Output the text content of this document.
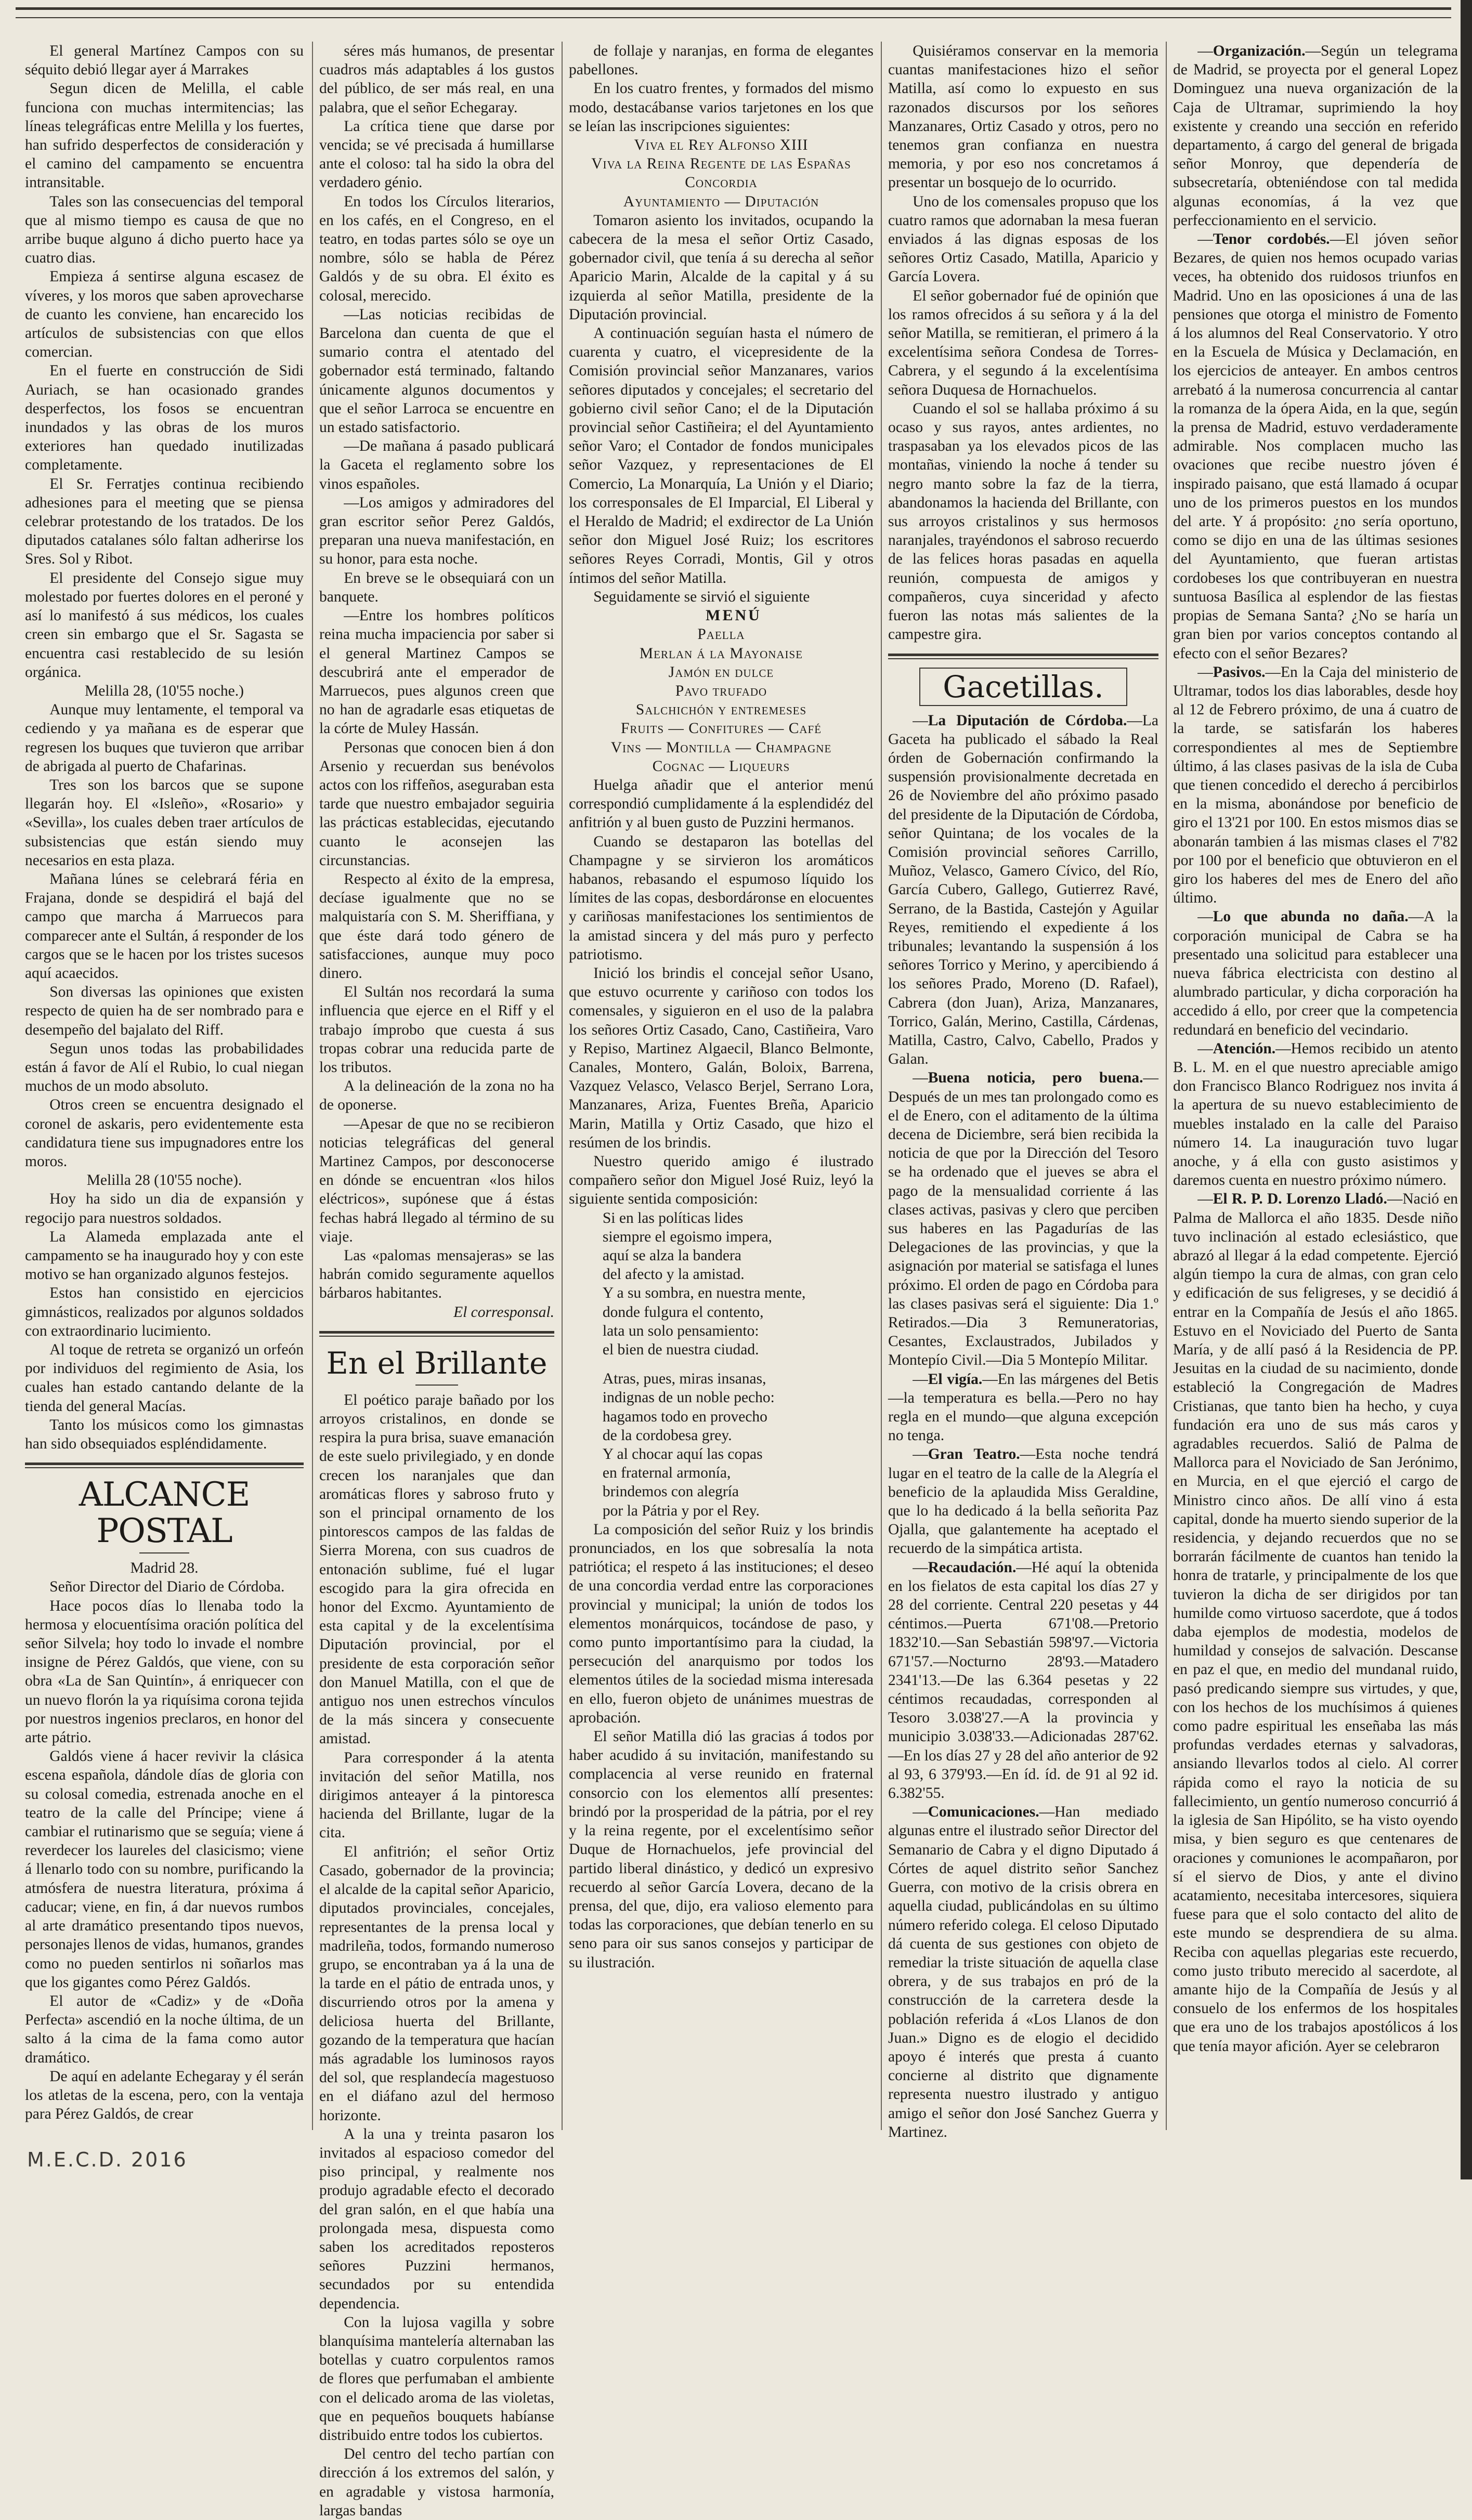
El general Martínez Campos con su séquito debió llegar ayer á Marrakes

Segun dicen de Melilla, el cable funciona con muchas intermitencias; las líneas telegráficas entre Melilla y los fuertes, han sufrido desperfectos de consideración y el camino del campamento se encuentra intransitable.

Tales son las consecuencias del temporal que al mismo tiempo es causa de que no arribe buque alguno á dicho puerto hace ya cuatro dias.

Empieza á sentirse alguna escasez de víveres, y los moros que saben aprovecharse de cuanto les conviene, han encarecido los artículos de subsistencias con que ellos comercian.

En el fuerte en construcción de Sidi Auriach, se han ocasionado grandes desperfectos, los fosos se encuentran inundados y las obras de los muros exteriores han quedado inutilizadas completamente.

El Sr. Ferratjes continua recibiendo adhesiones para el meeting que se piensa celebrar protestando de los tratados. De los diputados catalanes sólo faltan adherirse los Sres. Sol y Ribot.

El presidente del Consejo sigue muy molestado por fuertes dolores en el peroné y así lo manifestó á sus médicos, los cuales creen sin embargo que el Sr. Sagasta se encuentra casi restablecido de su lesión orgánica.

Melilla 28, (10'55 noche.)

Aunque muy lentamente, el temporal va cediendo y ya mañana es de esperar que regresen los buques que tuvieron que arribar de abrigada al puerto de Chafarinas.

Tres son los barcos que se supone llegarán hoy. El «Isleño», «Rosario» y «Sevilla», los cuales deben traer artículos de subsistencias que están siendo muy necesarios en esta plaza.

Mañana lúnes se celebrará féria en Frajana, donde se despidirá el bajá del campo que marcha á Marruecos para comparecer ante el Sultán, á responder de los cargos que se le hacen por los tristes sucesos aquí acaecidos.

Son diversas las opiniones que existen respecto de quien ha de ser nombrado para e desempeño del bajalato del Riff.

Segun unos todas las probabilidades están á favor de Alí el Rubio, lo cual niegan muchos de un modo absoluto.

Otros creen se encuentra designado el coronel de askaris, pero evidentemente esta candidatura tiene sus impugnadores entre los moros.

Melilla 28 (10'55 noche).

Hoy ha sido un dia de expansión y regocijo para nuestros soldados.

La Alameda emplazada ante el campamento se ha inaugurado hoy y con este motivo se han organizado algunos festejos.

Estos han consistido en ejercicios gimnásticos, realizados por algunos soldados con extraordinario lucimiento.

Al toque de retreta se organizó un orfeón por individuos del regimiento de Asia, los cuales han estado cantando delante de la tienda del general Macías.

Tanto los músicos como los gimnastas han sido obsequiados espléndidamente.

ALCANCE POSTAL

Madrid 28.

Señor Director del Diario de Córdoba.

Hace pocos días lo llenaba todo la hermosa y elocuentísima oración política del señor Silvela; hoy todo lo invade el nombre insigne de Pérez Galdós, que viene, con su obra «La de San Quintín», á enriquecer con un nuevo florón la ya riquísima corona tejida por nuestros ingenios preclaros, en honor del arte pátrio.

Galdós viene á hacer revivir la clásica escena española, dándole días de gloria con su colosal comedia, estrenada anoche en el teatro de la calle del Príncipe; viene á cambiar el rutinarismo que se seguía; viene á reverdecer los laureles del clasicismo; viene á llenarlo todo con su nombre, purificando la atmósfera de nuestra literatura, próxima á caducar; viene, en fin, á dar nuevos rumbos al arte dramático presentando tipos nuevos, personajes llenos de vidas, humanos, grandes como no pueden sentirlos ni soñarlos mas que los gigantes como Pérez Galdós.

El autor de «Cadiz» y de «Doña Perfecta» ascendió en la noche última, de un salto á la cima de la fama como autor dramático.

De aquí en adelante Echegaray y él serán los atletas de la escena, pero, con la ventaja para Pérez Galdós, de crear

séres más humanos, de presentar cuadros más adaptables á los gustos del público, de ser más real, en una palabra, que el señor Echegaray.

La crítica tiene que darse por vencida; se vé precisada á humillarse ante el coloso: tal ha sido la obra del verdadero génio.

En todos los Círculos literarios, en los cafés, en el Congreso, en el teatro, en todas partes sólo se oye un nombre, sólo se habla de Pérez Galdós y de su obra. El éxito es colosal, merecido.

—Las noticias recibidas de Barcelona dan cuenta de que el sumario contra el atentado del gobernador está terminado, faltando únicamente algunos documentos y que el señor Larroca se encuentre en un estado satisfactorio.

—De mañana á pasado publicará la Gaceta el reglamento sobre los vinos españoles.

—Los amigos y admiradores del gran escritor señor Perez Galdós, preparan una nueva manifestación, en su honor, para esta noche.

En breve se le obsequiará con un banquete.

—Entre los hombres políticos reina mucha impaciencia por saber si el general Martinez Campos se descubrirá ante el emperador de Marruecos, pues algunos creen que no han de agradarle esas etiquetas de la córte de Muley Hassán.

Personas que conocen bien á don Arsenio y recuerdan sus benévolos actos con los riffeños, aseguraban esta tarde que nuestro embajador seguiria las prácticas establecidas, ejecutando cuanto le aconsejen las circunstancias.

Respecto al éxito de la empresa, decíase igualmente que no se malquistaría con S. M. Sheriffiana, y que éste dará todo género de satisfacciones, aunque muy poco dinero.

El Sultán nos recordará la suma influencia que ejerce en el Riff y el trabajo ímprobo que cuesta á sus tropas cobrar una reducida parte de los tributos.

A la delineación de la zona no ha de oponerse.

—Apesar de que no se recibieron noticias telegráficas del general Martinez Campos, por desconocerse en dónde se encuentran «los hilos eléctricos», supónese que á éstas fechas habrá llegado al término de su viaje.

Las «palomas mensajeras» se las habrán comido seguramente aquellos bárbaros habitantes.

El corresponsal.

En el Brillante

El poético paraje bañado por los arroyos cristalinos, en donde se respira la pura brisa, suave emanación de este suelo privilegiado, y en donde crecen los naranjales que dan aromáticas flores y sabroso fruto y son el principal ornamento de los pintorescos campos de las faldas de Sierra Morena, con sus cuadros de entonación sublime, fué el lugar escogido para la gira ofrecida en honor del Excmo. Ayuntamiento de esta capital y de la excelentísima Diputación provincial, por el presidente de esta corporación señor don Manuel Matilla, con el que de antiguo nos unen estrechos vínculos de la más sincera y consecuente amistad.

Para corresponder á la atenta invitación del señor Matilla, nos dirigimos anteayer á la pintoresca hacienda del Brillante, lugar de la cita.

El anfitrión; el señor Ortiz Casado, gobernador de la provincia; el alcalde de la capital señor Aparicio, diputados provinciales, concejales, representantes de la prensa local y madrileña, todos, formando numeroso grupo, se encontraban ya á la una de la tarde en el pátio de entrada unos, y discurriendo otros por la amena y deliciosa huerta del Brillante, gozando de la temperatura que hacían más agradable los luminosos rayos del sol, que resplandecía magestuoso en el diáfano azul del hermoso horizonte.

A la una y treinta pasaron los invitados al espacioso comedor del piso principal, y realmente nos produjo agradable efecto el decorado del gran salón, en el que había una prolongada mesa, dispuesta como saben los acreditados reposteros señores Puzzini hermanos, secundados por su entendida dependencia.

Con la lujosa vagilla y sobre blanquísima mantelería alternaban las botellas y cuatro corpulentos ramos de flores que perfumaban el ambiente con el delicado aroma de las violetas, que en pequeños bouquets habíanse distribuido entre todos los cubiertos.

Del centro del techo partían con dirección á los extremos del salón, y en agradable y vistosa harmonía, largas bandas

de follaje y naranjas, en forma de elegantes pabellones.

En los cuatro frentes, y formados del mismo modo, destacábanse varios tarjetones en los que se leían las inscripciones siguientes:

Viva el Rey Alfonso XIII

Viva la Reina Regente de las Españas

Concordia

Ayuntamiento — Diputación

Tomaron asiento los invitados, ocupando la cabecera de la mesa el señor Ortiz Casado, gobernador civil, que tenía á su derecha al señor Aparicio Marin, Alcalde de la capital y á su izquierda al señor Matilla, presidente de la Diputación provincial.

A continuación seguían hasta el número de cuarenta y cuatro, el vicepresidente de la Comisión provincial señor Manzanares, varios señores diputados y concejales; el secretario del gobierno civil señor Cano; el de la Diputación provincial señor Castiñeira; el del Ayuntamiento señor Varo; el Contador de fondos municipales señor Vazquez, y representaciones de El Comercio, La Monarquía, La Unión y el Diario; los corresponsales de El Imparcial, El Liberal y el Heraldo de Madrid; el exdirector de La Unión señor don Miguel José Ruiz; los escritores señores Reyes Corradi, Montis, Gil y otros íntimos del señor Matilla.

Seguidamente se sirvió el siguiente

MENÚ

Paella

Merlan á la Mayonaise

Jamón en dulce

Pavo trufado

Salchichón y entremeses

Fruits — Confitures — Café

Vins — Montilla — Champagne

Cognac — Liqueurs

Huelga añadir que el anterior menú correspondió cumplidamente á la esplendidéz del anfitrión y al buen gusto de Puzzini hermanos.

Cuando se destaparon las botellas del Champagne y se sirvieron los aromáticos habanos, rebasando el espumoso líquido los límites de las copas, desbordáronse en elocuentes y cariñosas manifestaciones los sentimientos de la amistad sincera y del más puro y perfecto patriotismo.

Inició los brindis el concejal señor Usano, que estuvo ocurrente y cariñoso con todos los comensales, y siguieron en el uso de la palabra los señores Ortiz Casado, Cano, Castiñeira, Varo y Repiso, Martinez Algaecil, Blanco Belmonte, Canales, Montero, Galán, Boloix, Barrena, Vazquez Velasco, Velasco Berjel, Serrano Lora, Manzanares, Ariza, Fuentes Breña, Aparicio Marin, Matilla y Ortiz Casado, que hizo el resúmen de los brindis.

Nuestro querido amigo é ilustrado compañero señor don Miguel José Ruiz, leyó la siguiente sentida composición:

Si en las políticas lides

siempre el egoismo impera,

aquí se alza la bandera

del afecto y la amistad.

Y a su sombra, en nuestra mente,

donde fulgura el contento,

lata un solo pensamiento:

el bien de nuestra ciudad.

Atras, pues, miras insanas,

indignas de un noble pecho:

hagamos todo en provecho

de la cordobesa grey.

Y al chocar aquí las copas

en fraternal armonía,

brindemos con alegría

por la Pátria y por el Rey.

La composición del señor Ruiz y los brindis pronunciados, en los que sobresalía la nota patriótica; el respeto á las instituciones; el deseo de una concordia verdad entre las corporaciones provincial y municipal; la unión de todos los elementos monárquicos, tocándose de paso, y como punto importantísimo para la ciudad, la persecución del anarquismo por todos los elementos útiles de la sociedad misma interesada en ello, fueron objeto de unánimes muestras de aprobación.

El señor Matilla dió las gracias á todos por haber acudido á su invitación, manifestando su complacencia al verse reunido en fraternal consorcio con los elementos allí presentes: brindó por la prosperidad de la pátria, por el rey y la reina regente, por el excelentísimo señor Duque de Hornachuelos, jefe provincial del partido liberal dinástico, y dedicó un expresivo recuerdo al señor García Lovera, decano de la prensa, del que, dijo, era valioso elemento para todas las corporaciones, que debían tenerlo en su seno para oir sus sanos consejos y participar de su ilustración.

Quisiéramos conservar en la memoria cuantas manifestaciones hizo el señor Matilla, así como lo expuesto en sus razonados discursos por los señores Manzanares, Ortiz Casado y otros, pero no tenemos gran confianza en nuestra memoria, y por eso nos concretamos á presentar un bosquejo de lo ocurrido.

Uno de los comensales propuso que los cuatro ramos que adornaban la mesa fueran enviados á las dignas esposas de los señores Ortiz Casado, Matilla, Aparicio y García Lovera.

El señor gobernador fué de opinión que los ramos ofrecidos á su señora y á la del señor Matilla, se remitieran, el primero á la excelentísima señora Condesa de Torres-Cabrera, y el segundo á la excelentísima señora Duquesa de Hornachuelos.

Cuando el sol se hallaba próximo á su ocaso y sus rayos, antes ardientes, no traspasaban ya los elevados picos de las montañas, viniendo la noche á tender su negro manto sobre la faz de la tierra, abandonamos la hacienda del Brillante, con sus arroyos cristalinos y sus hermosos naranjales, trayéndonos el sabroso recuerdo de las felices horas pasadas en aquella reunión, compuesta de amigos y compañeros, cuya sinceridad y afecto fueron las notas más salientes de la campestre gira.

Gacetillas.

—La Diputación de Córdoba.—La Gaceta ha publicado el sábado la Real órden de Gobernación confirmando la suspensión provisionalmente decretada en 26 de Noviembre del año próximo pasado del presidente de la Diputación de Córdoba, señor Quintana; de los vocales de la Comisión provincial señores Carrillo, Muñoz, Velasco, Gamero Cívico, del Río, García Cubero, Gallego, Gutierrez Ravé, Serrano, de la Bastida, Castejón y Aguilar Reyes, remitiendo el expediente á los tribunales; levantando la suspensión á los señores Torrico y Merino, y apercibiendo á los señores Prado, Moreno (D. Rafael), Cabrera (don Juan), Ariza, Manzanares, Torrico, Galán, Merino, Castilla, Cárdenas, Matilla, Castro, Calvo, Cabello, Prados y Galan.

—Buena noticia, pero buena.—Después de un mes tan prolongado como es el de Enero, con el aditamento de la última decena de Diciembre, será bien recibida la noticia de que por la Dirección del Tesoro se ha ordenado que el jueves se abra el pago de la mensualidad corriente á las clases activas, pasivas y clero que perciben sus haberes en las Pagadurías de las Delegaciones de las provincias, y que la asignación por material se satisfaga el lunes próximo. El orden de pago en Córdoba para las clases pasivas será el siguiente: Dia 1.º Retirados.—Dia 3 Remuneratorias, Cesantes, Exclaustrados, Jubilados y Montepío Civil.—Dia 5 Montepío Militar.

—El vigía.—En las márgenes del Betis—la temperatura es bella.—Pero no hay regla en el mundo—que alguna excepción no tenga.

—Gran Teatro.—Esta noche tendrá lugar en el teatro de la calle de la Alegría el beneficio de la aplaudida Miss Geraldine, que lo ha dedicado á la bella señorita Paz Ojalla, que galantemente ha aceptado el recuerdo de la simpática artista.

—Recaudación.—Hé aquí la obtenida en los fielatos de esta capital los días 27 y 28 del corriente. Central 220 pesetas y 44 céntimos.—Puerta 671'08.—Pretorio 1832'10.—San Sebastián 598'97.—Victoria 671'57.—Nocturno 28'93.—Matadero 2341'13.—De las 6.364 pesetas y 22 céntimos recaudadas, corresponden al Tesoro 3.038'27.—A la provincia y municipio 3.038'33.—Adicionadas 287'62.—En los días 27 y 28 del año anterior de 92 al 93, 6 379'93.—En íd. íd. de 91 al 92 id. 6.382'55.

—Comunicaciones.—Han mediado algunas entre el ilustrado señor Director del Semanario de Cabra y el digno Diputado á Córtes de aquel distrito señor Sanchez Guerra, con motivo de la crisis obrera en aquella ciudad, publicándolas en su último número referido colega. El celoso Diputado dá cuenta de sus gestiones con objeto de remediar la triste situación de aquella clase obrera, y de sus trabajos en pró de la construcción de la carretera desde la población referida á «Los Llanos de don Juan.» Digno es de elogio el decidido apoyo é interés que presta á cuanto concierne al distrito que dignamente representa nuestro ilustrado y antiguo amigo el señor don José Sanchez Guerra y Martinez.

—Organización.—Según un telegrama de Madrid, se proyecta por el general Lopez Dominguez una nueva organización de la Caja de Ultramar, suprimiendo la hoy existente y creando una sección en referido departamento, á cargo del general de brigada señor Monroy, que dependería de subsecretaría, obteniéndose con tal medida algunas economías, á la vez que perfeccionamiento en el servicio.

—Tenor cordobés.—El jóven señor Bezares, de quien nos hemos ocupado varias veces, ha obtenido dos ruidosos triunfos en Madrid. Uno en las oposiciones á una de las pensiones que otorga el ministro de Fomento á los alumnos del Real Conservatorio. Y otro en la Escuela de Música y Declamación, en los ejercicios de anteayer. En ambos centros arrebató á la numerosa concurrencia al cantar la romanza de la ópera Aida, en la que, según la prensa de Madrid, estuvo verdaderamente admirable. Nos complacen mucho las ovaciones que recibe nuestro jóven é inspirado paisano, que está llamado á ocupar uno de los primeros puestos en los mundos del arte. Y á propósito: ¿no sería oportuno, como se dijo en una de las últimas sesiones del Ayuntamiento, que fueran artistas cordobeses los que contribuyeran en nuestra suntuosa Basílica al esplendor de las fiestas propias de Semana Santa? ¿No se haría un gran bien por varios conceptos contando al efecto con el señor Bezares?

—Pasivos.—En la Caja del ministerio de Ultramar, todos los dias laborables, desde hoy al 12 de Febrero próximo, de una á cuatro de la tarde, se satisfarán los haberes correspondientes al mes de Septiembre último, á las clases pasivas de la isla de Cuba que tienen concedido el derecho á percibirlos en la misma, abonándose por beneficio de giro el 13'21 por 100. En estos mismos dias se abonarán tambien á las mismas clases el 7'82 por 100 por el beneficio que obtuvieron en el giro los haberes del mes de Enero del año último.

—Lo que abunda no daña.—A la corporación municipal de Cabra se ha presentado una solicitud para establecer una nueva fábrica electricista con destino al alumbrado particular, y dicha corporación ha accedido á ello, por creer que la competencia redundará en beneficio del vecindario.

—Atención.—Hemos recibido un atento B. L. M. en el que nuestro apreciable amigo don Francisco Blanco Rodriguez nos invita á la apertura de su nuevo establecimiento de muebles instalado en la calle del Paraiso número 14. La inauguración tuvo lugar anoche, y á ella con gusto asistimos y daremos cuenta en nuestro próximo número.

—El R. P. D. Lorenzo Lladó.—Nació en Palma de Mallorca el año 1835. Desde niño tuvo inclinación al estado eclesiástico, que abrazó al llegar á la edad competente. Ejerció algún tiempo la cura de almas, con gran celo y edificación de sus feligreses, y se decidió á entrar en la Compañía de Jesús el año 1865. Estuvo en el Noviciado del Puerto de Santa María, y de allí pasó á la Residencia de PP. Jesuitas en la ciudad de su nacimiento, donde estableció la Congregación de Madres Cristianas, que tanto bien ha hecho, y cuya fundación era uno de sus más caros y agradables recuerdos. Salió de Palma de Mallorca para el Noviciado de San Jerónimo, en Murcia, en el que ejerció el cargo de Ministro cinco años. De allí vino á esta capital, donde ha muerto siendo superior de la residencia, y dejando recuerdos que no se borrarán fácilmente de cuantos han tenido la honra de tratarle, y principalmente de los que tuvieron la dicha de ser dirigidos por tan humilde como virtuoso sacerdote, que á todos daba ejemplos de modestia, modelos de humildad y consejos de salvación. Descanse en paz el que, en medio del mundanal ruido, pasó predicando siempre sus virtudes, y que, con los hechos de los muchísimos á quienes como padre espiritual les enseñaba las más profundas verdades eternas y salvadoras, ansiando llevarlos todos al cielo. Al correr rápida como el rayo la noticia de su fallecimiento, un gentío numeroso concurrió á la iglesia de San Hipólito, se ha visto oyendo misa, y bien seguro es que centenares de oraciones y comuniones le acompañaron, por sí el siervo de Dios, y ante el divino acatamiento, necesitaba intercesores, siquiera fuese para que el solo contacto del alito de este mundo se desprendiera de su alma. Reciba con aquellas plegarias este recuerdo, como justo tributo merecido al sacerdote, al amante hijo de la Compañía de Jesús y al consuelo de los enfermos de los hospitales que era uno de los trabajos apostólicos á los que tenía mayor afición. Ayer se celebraron

M.E.C.D. 2016
